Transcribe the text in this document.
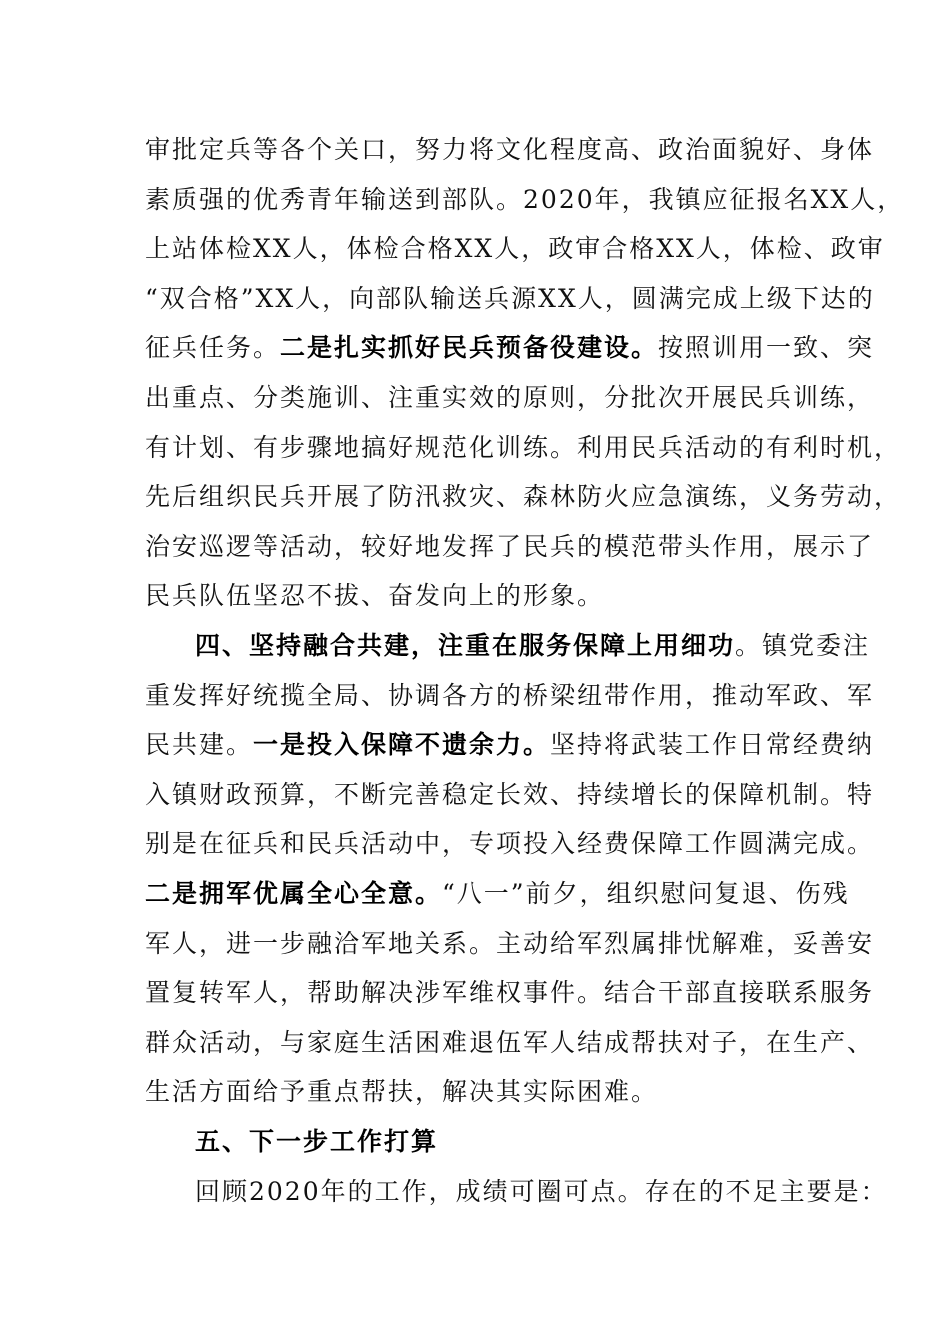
审批定兵等各个关口，努力将文化程度高、政治面貌好、身体
素质强的优秀青年输送到部队。2020年，我镇应征报名XX人，
上站体检XX人，体检合格XX人，政审合格XX人，体检、政审
“双合格”XX人，向部队输送兵源XX人，圆满完成上级下达的
征兵任务。二是扎实抓好民兵预备役建设。按照训用一致、突
出重点、分类施训、注重实效的原则，分批次开展民兵训练，
有计划、有步骤地搞好规范化训练。利用民兵活动的有利时机，
先后组织民兵开展了防汛救灾、森林防火应急演练，义务劳动，
治安巡逻等活动，较好地发挥了民兵的模范带头作用，展示了
民兵队伍坚忍不拔、奋发向上的形象。
四、坚持融合共建，注重在服务保障上用细功。镇党委注
重发挥好统揽全局、协调各方的桥梁纽带作用，推动军政、军
民共建。一是投入保障不遗余力。坚持将武装工作日常经费纳
入镇财政预算，不断完善稳定长效、持续增长的保障机制。特
别是在征兵和民兵活动中，专项投入经费保障工作圆满完成。
二是拥军优属全心全意。“八一”前夕，组织慰问复退、伤残
军人，进一步融洽军地关系。主动给军烈属排忧解难，妥善安
置复转军人，帮助解决涉军维权事件。结合干部直接联系服务
群众活动，与家庭生活困难退伍军人结成帮扶对子，在生产、
生活方面给予重点帮扶，解决其实际困难。
五、下一步工作打算
回顾2020年的工作，成绩可圈可点。存在的不足主要是：
